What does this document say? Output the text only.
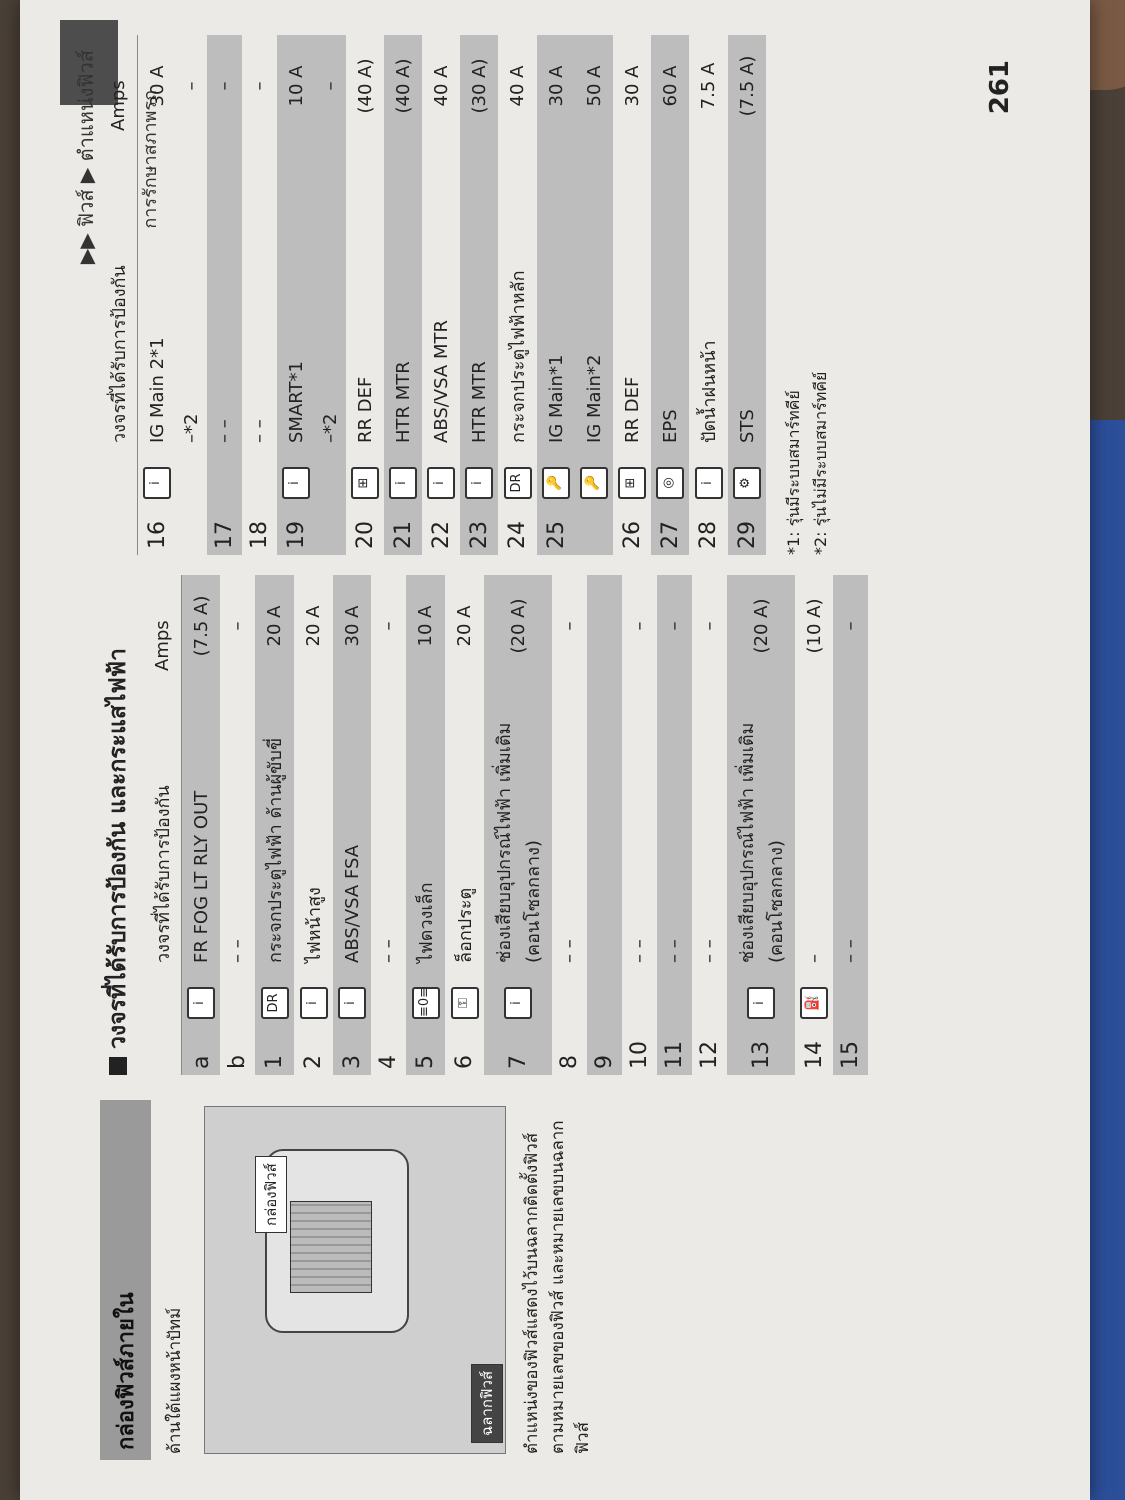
▶▶ ฟิวส์ ▶ ตำแหน่งฟิวส์ การรักษาสภาพรถ
261
กล่องฟิวส์ภายใน	ด้านใต้แผงหน้าปัทม์
กล่องฟิวส์
ฉลากฟิวส์	ตำแหน่งของฟิวส์แสดงไว้บนฉลากติดตั้งฟิวส์ตามหมายเลขของฟิวส์ และหมายเลขบนฉลากฟิวส์
วงจรที่ได้รับการป้องกัน และกระแสไฟฟ้า
		วงจรที่ได้รับการป้องกัน	Amps
a	i	FR FOG LT RLY OUT	(7.5 A)
b		– –	–
1	DR	กระจกประตูไฟฟ้า ด้านผู้ขับขี่	20 A
2	i	ไฟหน้าสูง	20 A
3	i	ABS/VSA FSA	30 A
4		– –	–
5	≡0≡	ไฟดวงเล็ก	10 A
6	⚿	ล็อกประตู	20 A
7	i	ช่องเสียบอุปกรณ์ไฟฟ้า เพิ่มเติม (คอนโซลกลาง)	(20 A)
8		– –	–
9			
10		– –	–
11		– –	–
12		– –	–
13	i	ช่องเสียบอุปกรณ์ไฟฟ้า เพิ่มเติม (คอนโซลกลาง)	(20 A)
14	⛽	–	(10 A)
15		– –	–
		วงจรที่ได้รับการป้องกัน	Amps
16	i	IG Main 2*1	30 A
		–*2	–
17		– –	–
18		– –	–
19	i	SMART*1	10 A
		–*2	–
20	⊞	RR DEF	(40 A)
21	i	HTR MTR	(40 A)
22	i	ABS/VSA MTR	40 A
23	i	HTR MTR	(30 A)
24	DR	กระจกประตูไฟฟ้าหลัก	40 A
25	🔑	IG Main*1	30 A
	🔑	IG Main*2	50 A
26	⊞	RR DEF	30 A
27	◎	EPS	60 A
28	i	ปัดน้ำฝนหน้า	7.5 A
29	⚙	STS	(7.5 A)
*1: รุ่นมีระบบสมาร์ทคีย์ *2: รุ่นไม่มีระบบสมาร์ทคีย์
